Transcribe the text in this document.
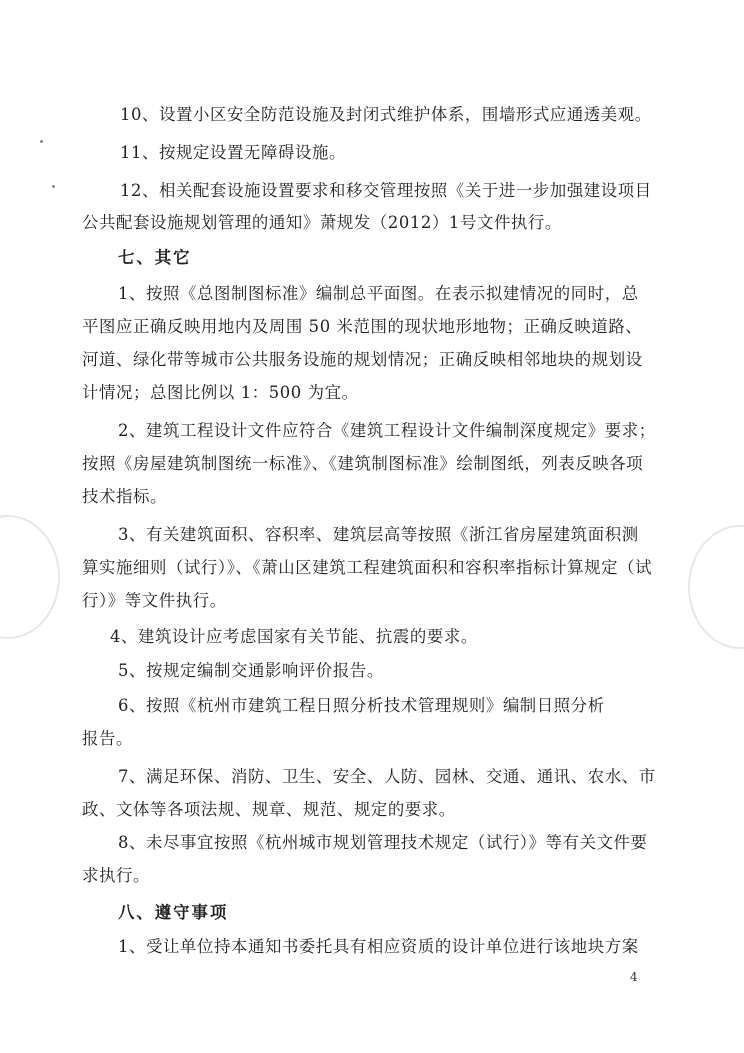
10、设置小区安全防范设施及封闭式维护体系，围墙形式应通透美观。
11、按规定设置无障碍设施。
12、相关配套设施设置要求和移交管理按照《关于进一步加强建设项目
公共配套设施规划管理的通知》萧规发（2012）1号文件执行。
七、其它
1、按照《总图制图标准》编制总平面图。在表示拟建情况的同时，总
平图应正确反映用地内及周围 50 米范围的现状地形地物；正确反映道路、
河道、绿化带等城市公共服务设施的规划情况；正确反映相邻地块的规划设
计情况；总图比例以 1：500 为宜。
2、建筑工程设计文件应符合《建筑工程设计文件编制深度规定》要求；
按照《房屋建筑制图统一标准》、《建筑制图标准》绘制图纸，列表反映各项
技术指标。
3、有关建筑面积、容积率、建筑层高等按照《浙江省房屋建筑面积测
算实施细则（试行）》、《萧山区建筑工程建筑面积和容积率指标计算规定（试
行）》等文件执行。
4、建筑设计应考虑国家有关节能、抗震的要求。
5、按规定编制交通影响评价报告。
6、按照《杭州市建筑工程日照分析技术管理规则》编制日照分析
报告。
7、满足环保、消防、卫生、安全、人防、园林、交通、通讯、农水、市
政、文体等各项法规、规章、规范、规定的要求。
8、未尽事宜按照《杭州城市规划管理技术规定（试行）》等有关文件要
求执行。
八、遵守事项
1、受让单位持本通知书委托具有相应资质的设计单位进行该地块方案
4
